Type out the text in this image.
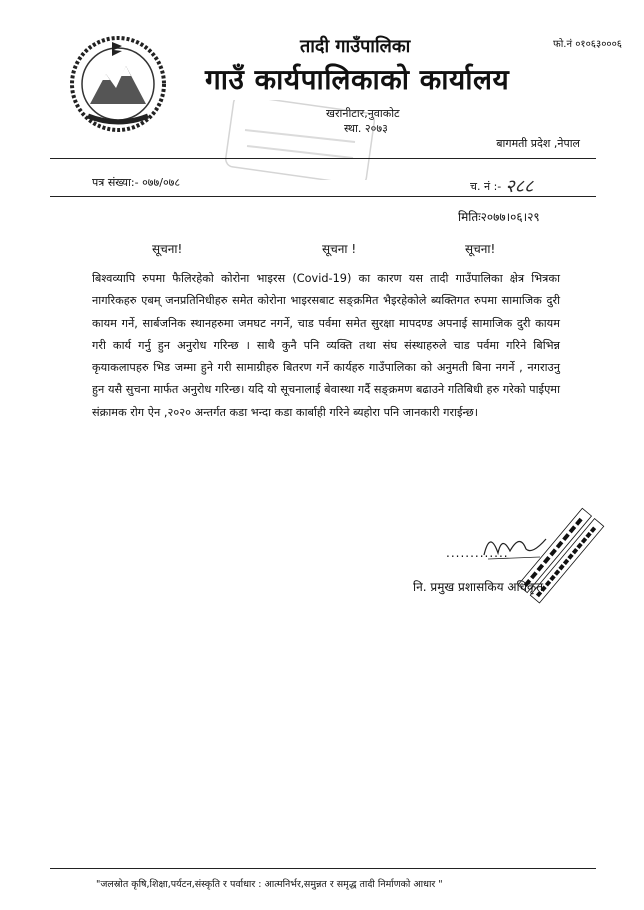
फो.नं ०१०६३०००६
तादी गाउँपालिका
गाउँ कार्यपालिकाको कार्यालय
खरानीटार,नुवाकोट
स्था. २०७३
बागमती प्रदेश ,नेपाल
पत्र संख्या:- ०७७/०७८	च. नं :- २८८
मितिः२०७७।०६।२९
सूचना!	सूचना !	सूचना!
बिश्वव्यापि रुपमा फैलिरहेको कोरोना भाइरस (Covid-19) का कारण यस तादी गाउँपालिका क्षेत्र भित्रका नागरिकहरु एबम् जनप्रतिनिधीहरु समेत कोरोना भाइरसबाट सङ्क्रमित भैइरहेकोले ब्यक्तिगत रुपमा सामाजिक दुरी कायम गर्ने, सार्बजनिक स्थानहरुमा जमघट नगर्ने, चाड पर्वमा समेत सुरक्षा मापदण्ड अपनाई सामाजिक दुरी कायम गरी कार्य गर्नु हुन अनुरोध गरिन्छ । साथै कुनै पनि व्यक्ति तथा संघ संस्थाहरुले चाड पर्वमा गरिने बिभिन्न कृयाकलापहरु भिड जम्मा हुने गरी सामाग्रीहरु बितरण गर्ने कार्यहरु गाउँपालिका को अनुमती बिना नगर्ने , नगराउनु हुन यसै सुचना मार्फत अनुरोध गरिन्छ। यदि यो सूचनालाई बेवास्था गर्दै सङ्क्रमण बढाउने गतिबिधी हरु गरेको पाईएमा संक्रामक रोग ऐन ,२०२० अन्तर्गत कडा भन्दा कडा कार्बाही गरिने ब्यहोरा पनि जानकारी गराईन्छ।
.............
नि. प्रमुख प्रशासकिय अधिकृत
"जलस्रोत कृषि,शिक्षा,पर्यटन,संस्कृति र पर्वाधार : आत्मनिर्भर,समुन्नत र समृद्ध तादी निर्माणको आधार "
